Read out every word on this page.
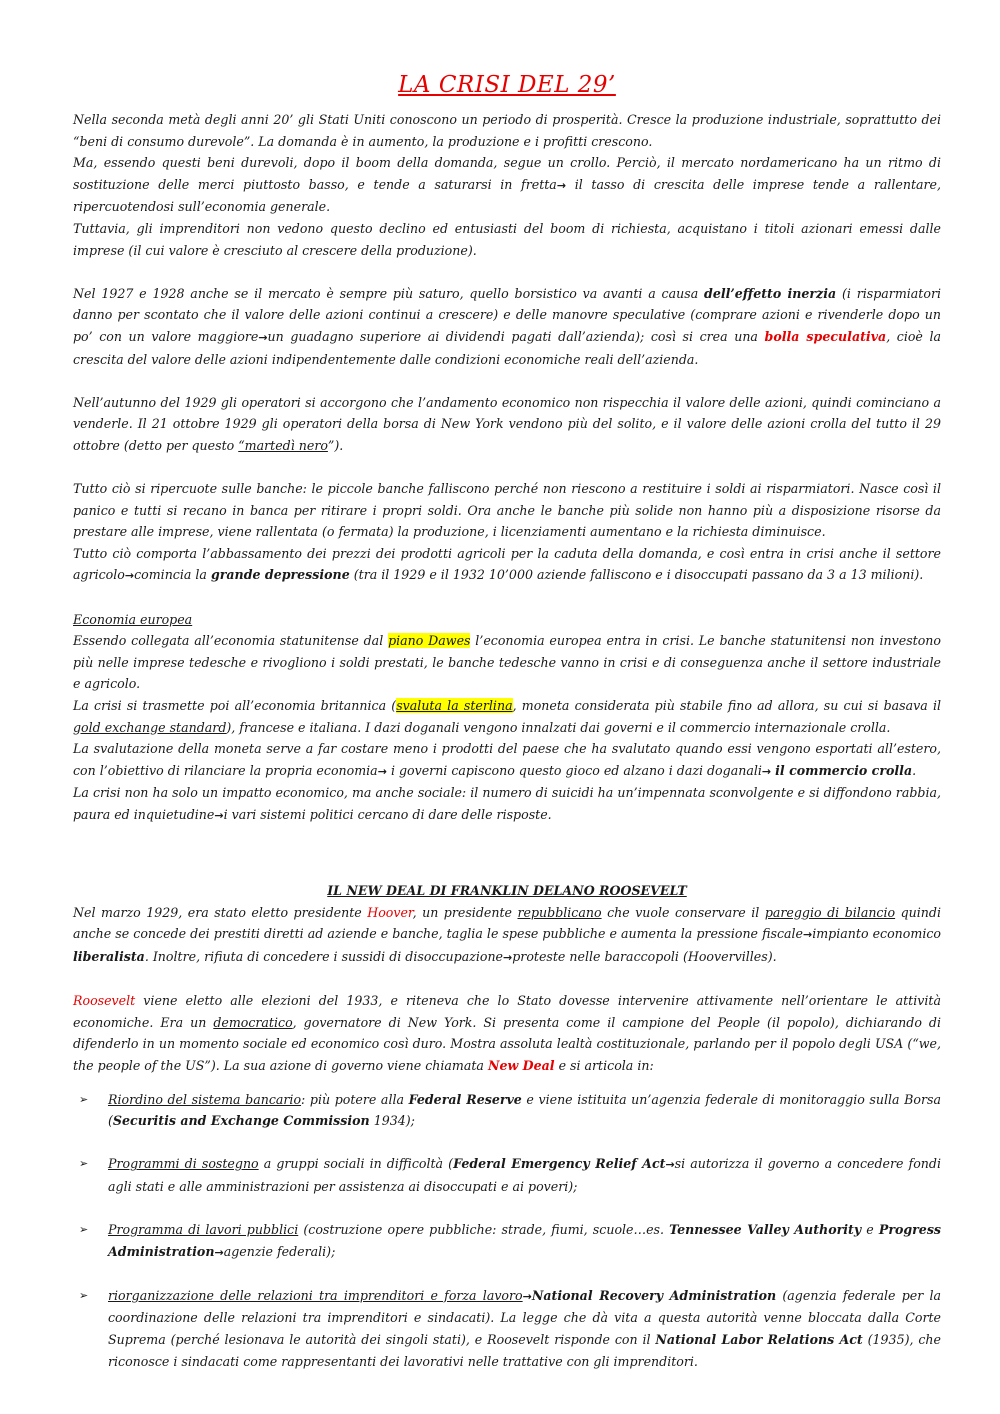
LA CRISI DEL 29’

Nella seconda metà degli anni 20’ gli Stati Uniti conoscono un periodo di prosperità. Cresce la produzione industriale, soprattutto dei “beni di consumo durevole”. La domanda è in aumento, la produzione e i profitti crescono.

Ma, essendo questi beni durevoli, dopo il boom della domanda, segue un crollo. Perciò, il mercato nordamericano ha un ritmo di sostituzione delle merci piuttosto basso, e tende a saturarsi in fretta→ il tasso di crescita delle imprese tende a rallentare, ripercuotendosi sull’economia generale.

Tuttavia, gli imprenditori non vedono questo declino ed entusiasti del boom di richiesta, acquistano i titoli azionari emessi dalle imprese (il cui valore è cresciuto al crescere della produzione).

Nel 1927 e 1928 anche se il mercato è sempre più saturo, quello borsistico va avanti a causa dell’effetto inerzia (i risparmiatori danno per scontato che il valore delle azioni continui a crescere) e delle manovre speculative (comprare azioni e rivenderle dopo un po’ con un valore maggiore→un guadagno superiore ai dividendi pagati dall’azienda); così si crea una bolla speculativa, cioè la crescita del valore delle azioni indipendentemente dalle condizioni economiche reali dell’azienda.

Nell’autunno del 1929 gli operatori si accorgono che l’andamento economico non rispecchia il valore delle azioni, quindi cominciano a venderle. Il 21 ottobre 1929 gli operatori della borsa di New York vendono più del solito, e il valore delle azioni crolla del tutto il 29 ottobre (detto per questo “martedì nero”).

Tutto ciò si ripercuote sulle banche: le piccole banche falliscono perché non riescono a restituire i soldi ai risparmiatori. Nasce così il panico e tutti si recano in banca per ritirare i propri soldi. Ora anche le banche più solide non hanno più a disposizione risorse da prestare alle imprese, viene rallentata (o fermata) la produzione, i licenziamenti aumentano e la richiesta diminuisce.

Tutto ciò comporta l’abbassamento dei prezzi dei prodotti agricoli per la caduta della domanda, e così entra in crisi anche il settore agricolo→comincia la grande depressione (tra il 1929 e il 1932 10’000 aziende falliscono e i disoccupati passano da 3 a 13 milioni).

Economia europea

Essendo collegata all’economia statunitense dal piano Dawes l’economia europea entra in crisi. Le banche statunitensi non investono più nelle imprese tedesche e rivogliono i soldi prestati, le banche tedesche vanno in crisi e di conseguenza anche il settore industriale e agricolo.

La crisi si trasmette poi all’economia britannica (svaluta la sterlina, moneta considerata più stabile fino ad allora, su cui si basava il gold exchange standard), francese e italiana. I dazi doganali vengono innalzati dai governi e il commercio internazionale crolla.

La svalutazione della moneta serve a far costare meno i prodotti del paese che ha svalutato quando essi vengono esportati all’estero, con l’obiettivo di rilanciare la propria economia→ i governi capiscono questo gioco ed alzano i dazi doganali→ il commercio crolla.

La crisi non ha solo un impatto economico, ma anche sociale: il numero di suicidi ha un’impennata sconvolgente e si diffondono rabbia, paura ed inquietudine→i vari sistemi politici cercano di dare delle risposte.

IL NEW DEAL DI FRANKLIN DELANO ROOSEVELT

Nel marzo 1929, era stato eletto presidente Hoover, un presidente repubblicano che vuole conservare il pareggio di bilancio quindi anche se concede dei prestiti diretti ad aziende e banche, taglia le spese pubbliche e aumenta la pressione fiscale→impianto economico liberalista. Inoltre, rifiuta di concedere i sussidi di disoccupazione→proteste nelle baraccopoli (Hoovervilles).

Roosevelt viene eletto alle elezioni del 1933, e riteneva che lo Stato dovesse intervenire attivamente nell’orientare le attività economiche. Era un democratico, governatore di New York. Si presenta come il campione del People (il popolo), dichiarando di difenderlo in un momento sociale ed economico così duro. Mostra assoluta lealtà costituzionale, parlando per il popolo degli USA (“we, the people of the US”). La sua azione di governo viene chiamata New Deal e si articola in:

➢ Riordino del sistema bancario: più potere alla Federal Reserve e viene istituita un’agenzia federale di monitoraggio sulla Borsa (Securitis and Exchange Commission 1934);
➢ Programmi di sostegno a gruppi sociali in difficoltà (Federal Emergency Relief Act→si autorizza il governo a concedere fondi agli stati e alle amministrazioni per assistenza ai disoccupati e ai poveri);
➢ Programma di lavori pubblici (costruzione opere pubbliche: strade, fiumi, scuole…es. Tennessee Valley Authority e Progress Administration→agenzie federali);
➢ riorganizzazione delle relazioni tra imprenditori e forza lavoro→National Recovery Administration (agenzia federale per la coordinazione delle relazioni tra imprenditori e sindacati). La legge che dà vita a questa autorità venne bloccata dalla Corte Suprema (perché lesionava le autorità dei singoli stati), e Roosevelt risponde con il National Labor Relations Act (1935), che riconosce i sindacati come rappresentanti dei lavorativi nelle trattative con gli imprenditori.
